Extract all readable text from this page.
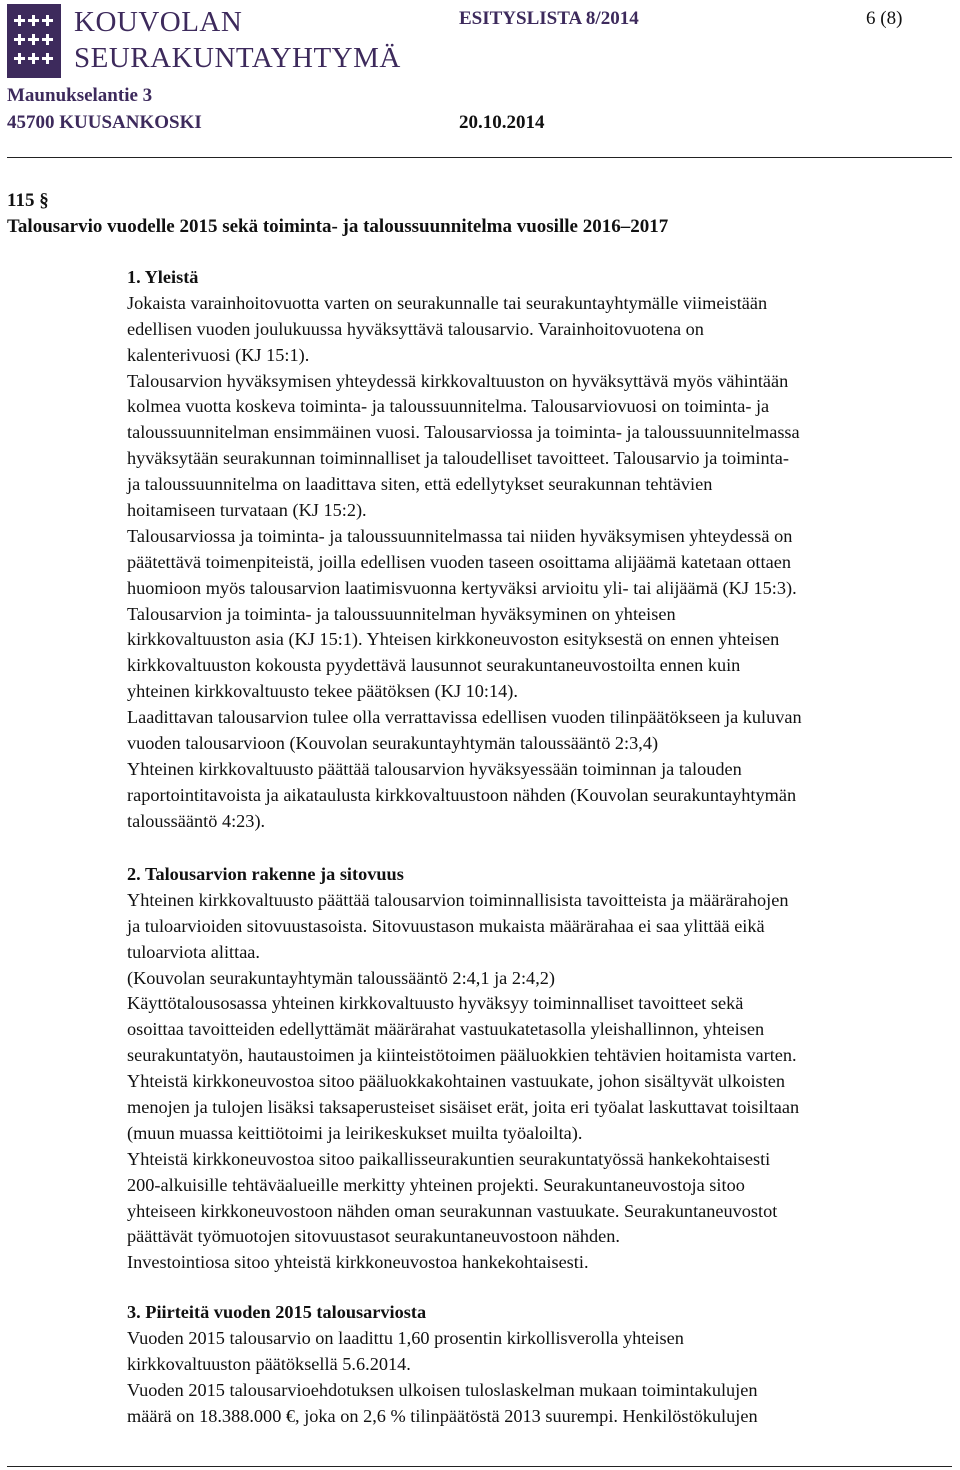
KOUVOLAN
SEURAKUNTAYHTYMÄ
Maunukselantie 3
45700 KUUSANKOSKI
ESITYSLISTA 8/2014	6 (8)
20.10.2014
115 §
Talousarvio vuodelle 2015 sekä toiminta- ja taloussuunnitelma vuosille 2016–2017
1. Yleistä
Jokaista varainhoitovuotta varten on seurakunnalle tai seurakuntayhtymälle viimeistään
edellisen vuoden joulukuussa hyväksyttävä talousarvio. Varainhoitovuotena on
kalenterivuosi (KJ 15:1).
Talousarvion hyväksymisen yhteydessä kirkkovaltuuston on hyväksyttävä myös vähintään
kolmea vuotta koskeva toiminta- ja taloussuunnitelma. Talousarviovuosi on toiminta- ja
taloussuunnitelman ensimmäinen vuosi. Talousarviossa ja toiminta- ja taloussuunnitelmassa
hyväksytään seurakunnan toiminnalliset ja taloudelliset tavoitteet. Talousarvio ja toiminta-
ja taloussuunnitelma on laadittava siten, että edellytykset seurakunnan tehtävien
hoitamiseen turvataan (KJ 15:2).
Talousarviossa ja toiminta- ja taloussuunnitelmassa tai niiden hyväksymisen yhteydessä on
päätettävä toimenpiteistä, joilla edellisen vuoden taseen osoittama alijäämä katetaan ottaen
huomioon myös talousarvion laatimisvuonna kertyväksi arvioitu yli- tai alijäämä (KJ 15:3).
Talousarvion ja toiminta- ja taloussuunnitelman hyväksyminen on yhteisen
kirkkovaltuuston asia (KJ 15:1). Yhteisen kirkkoneuvoston esityksestä on ennen yhteisen
kirkkovaltuuston kokousta pyydettävä lausunnot seurakuntaneuvostoilta ennen kuin
yhteinen kirkkovaltuusto tekee päätöksen (KJ 10:14).
Laadittavan talousarvion tulee olla verrattavissa edellisen vuoden tilinpäätökseen ja kuluvan
vuoden talousarvioon (Kouvolan seurakuntayhtymän taloussääntö 2:3,4)
Yhteinen kirkkovaltuusto päättää talousarvion hyväksyessään toiminnan ja talouden
raportointitavoista ja aikataulusta kirkkovaltuustoon nähden (Kouvolan seurakuntayhtymän
taloussääntö 4:23).
2. Talousarvion rakenne ja sitovuus
Yhteinen kirkkovaltuusto päättää talousarvion toiminnallisista tavoitteista ja määrärahojen
ja tuloarvioiden sitovuustasoista. Sitovuustason mukaista määrärahaa ei saa ylittää eikä
tuloarviota alittaa.
(Kouvolan seurakuntayhtymän taloussääntö 2:4,1 ja 2:4,2)
Käyttötalousosassa yhteinen kirkkovaltuusto hyväksyy toiminnalliset tavoitteet sekä
osoittaa tavoitteiden edellyttämät määrärahat vastuukatetasolla yleishallinnon, yhteisen
seurakuntatyön, hautaustoimen ja kiinteistötoimen pääluokkien tehtävien hoitamista varten.
Yhteistä kirkkoneuvostoa sitoo pääluokkakohtainen vastuukate, johon sisältyvät ulkoisten
menojen ja tulojen lisäksi taksaperusteiset sisäiset erät, joita eri työalat laskuttavat toisiltaan
(muun muassa keittiötoimi ja leirikeskukset muilta työaloilta).
Yhteistä kirkkoneuvostoa sitoo paikallisseurakuntien seurakuntatyössä hankekohtaisesti
200-alkuisille tehtäväalueille merkitty yhteinen projekti. Seurakuntaneuvostoja sitoo
yhteiseen kirkkoneuvostoon nähden oman seurakunnan vastuukate. Seurakuntaneuvostot
päättävät työmuotojen sitovuustasot seurakuntaneuvostoon nähden.
Investointiosa sitoo yhteistä kirkkoneuvostoa hankekohtaisesti.
3. Piirteitä vuoden 2015 talousarviosta
Vuoden 2015 talousarvio on laadittu 1,60 prosentin kirkollisverolla yhteisen
kirkkovaltuuston päätöksellä 5.6.2014.
Vuoden 2015 talousarvioehdotuksen ulkoisen tuloslaskelman mukaan toimintakulujen
määrä on 18.388.000 €, joka on 2,6 % tilinpäätöstä 2013 suurempi. Henkilöstökulujen
